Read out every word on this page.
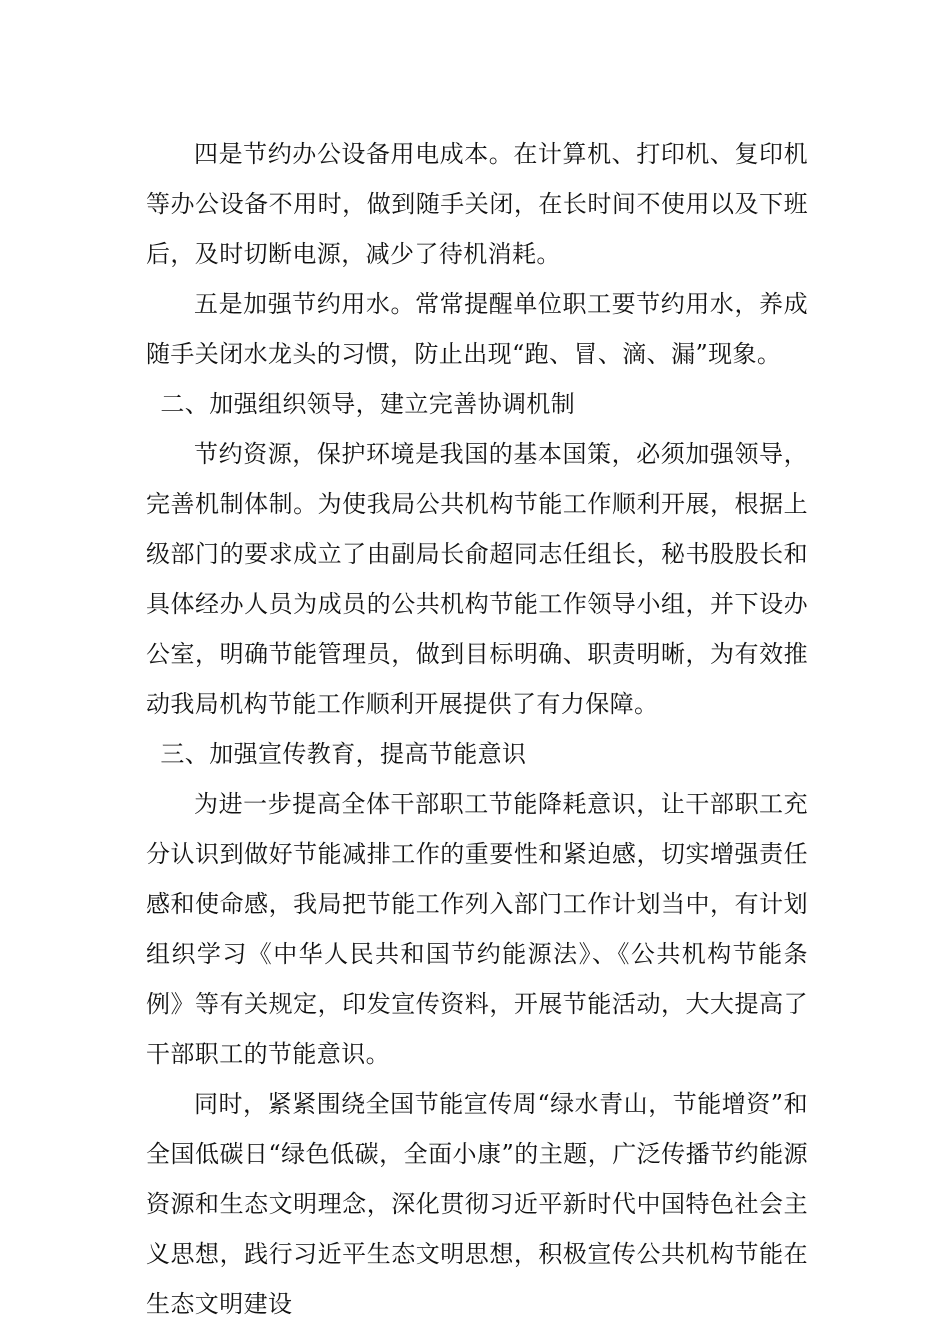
四是节约办公设备用电成本。在计算机、打印机、复印机等办公设备不用时，做到随手关闭，在长时间不使用以及下班后，及时切断电源，减少了待机消耗。

五是加强节约用水。常常提醒单位职工要节约用水，养成随手关闭水龙头的习惯，防止出现“跑、冒、滴、漏”现象。

二、加强组织领导，建立完善协调机制

节约资源，保护环境是我国的基本国策，必须加强领导，完善机制体制。为使我局公共机构节能工作顺利开展，根据上级部门的要求成立了由副局长俞超同志任组长，秘书股股长和具体经办人员为成员的公共机构节能工作领导小组，并下设办公室，明确节能管理员，做到目标明确、职责明晰，为有效推动我局机构节能工作顺利开展提供了有力保障。

三、加强宣传教育，提高节能意识

为进一步提高全体干部职工节能降耗意识，让干部职工充分认识到做好节能减排工作的重要性和紧迫感，切实增强责任感和使命感，我局把节能工作列入部门工作计划当中，有计划组织学习《中华人民共和国节约能源法》、《公共机构节能条例》等有关规定，印发宣传资料，开展节能活动，大大提高了干部职工的节能意识。

同时，紧紧围绕全国节能宣传周“绿水青山，节能增资”和全国低碳日“绿色低碳，全面小康”的主题，广泛传播节约能源资源和生态文明理念，深化贯彻习近平新时代中国特色社会主义思想，践行习近平生态文明思想，积极宣传公共机构节能在生态文明建设
